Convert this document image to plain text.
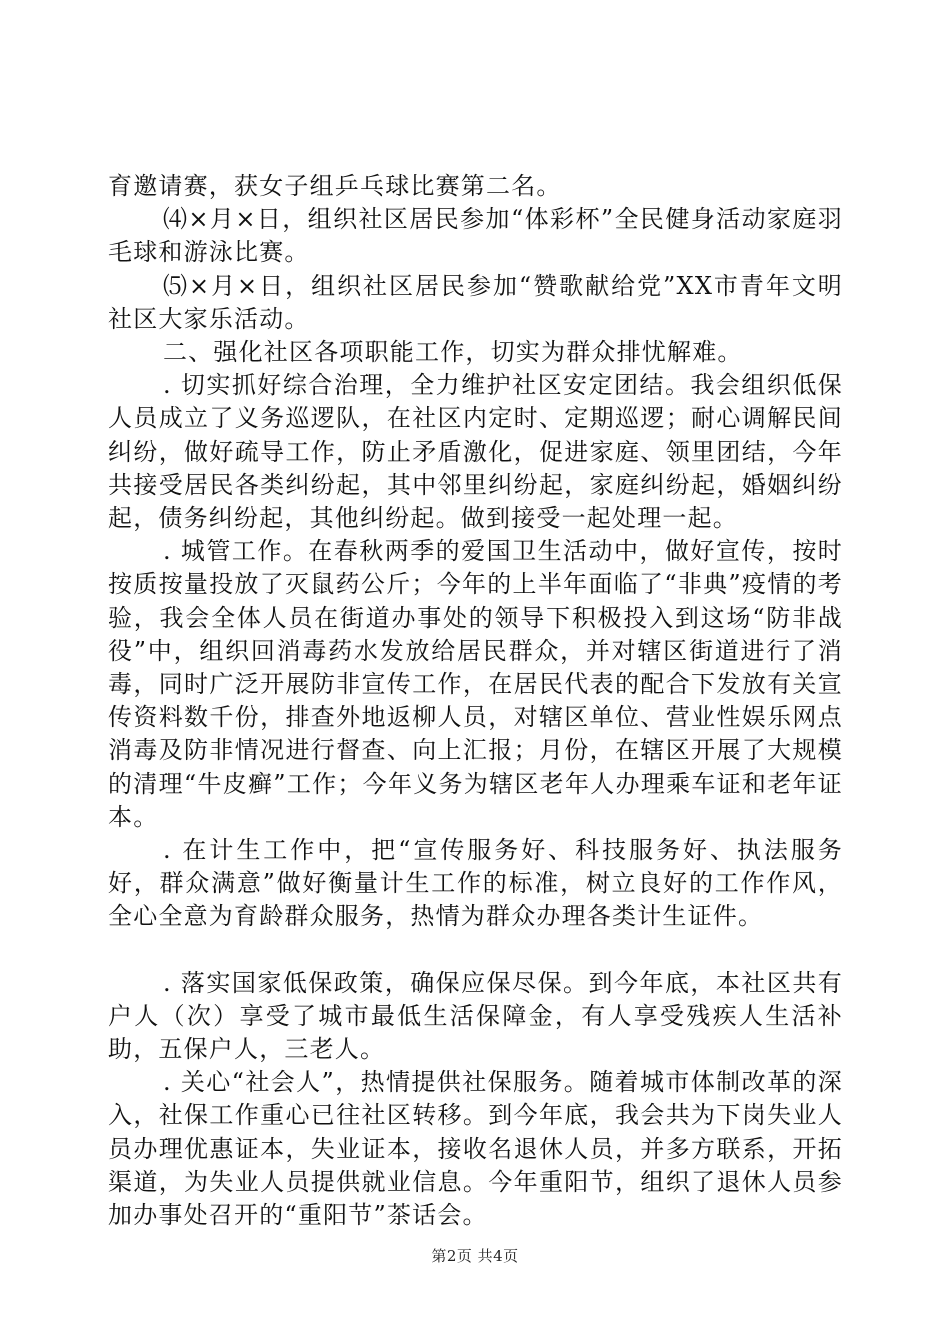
育邀请赛，获女子组乒乓球比赛第二名。

⑷×月×日，组织社区居民参加“体彩杯”全民健身活动家庭羽毛球和游泳比赛。

⑸×月×日，组织社区居民参加“赞歌献给党”XX市青年文明社区大家乐活动。

二、强化社区各项职能工作，切实为群众排忧解难。

. 切实抓好综合治理，全力维护社区安定团结。我会组织低保人员成立了义务巡逻队，在社区内定时、定期巡逻；耐心调解民间纠纷，做好疏导工作，防止矛盾激化，促进家庭、领里团结，今年共接受居民各类纠纷起，其中邻里纠纷起，家庭纠纷起，婚姻纠纷起，债务纠纷起，其他纠纷起。做到接受一起处理一起。

. 城管工作。在春秋两季的爱国卫生活动中，做好宣传，按时按质按量投放了灭鼠药公斤；今年的上半年面临了“非典”疫情的考验，我会全体人员在街道办事处的领导下积极投入到这场“防非战役”中，组织回消毒药水发放给居民群众，并对辖区街道进行了消毒，同时广泛开展防非宣传工作，在居民代表的配合下发放有关宣传资料数千份，排查外地返柳人员，对辖区单位、营业性娱乐网点消毒及防非情况进行督查、向上汇报；月份，在辖区开展了大规模的清理“牛皮癣”工作；今年义务为辖区老年人办理乘车证和老年证本。

. 在计生工作中，把“宣传服务好、科技服务好、执法服务好，群众满意”做好衡量计生工作的标准，树立良好的工作作风，全心全意为育龄群众服务，热情为群众办理各类计生证件。

. 落实国家低保政策，确保应保尽保。到今年底，本社区共有户人（次）享受了城市最低生活保障金，有人享受残疾人生活补助，五保户人，三老人。

. 关心“社会人”，热情提供社保服务。随着城市体制改革的深入，社保工作重心已往社区转移。到今年底，我会共为下岗失业人员办理优惠证本，失业证本，接收名退休人员，并多方联系，开拓渠道，为失业人员提供就业信息。今年重阳节，组织了退休人员参加办事处召开的“重阳节”茶话会。

第2页 共4页
